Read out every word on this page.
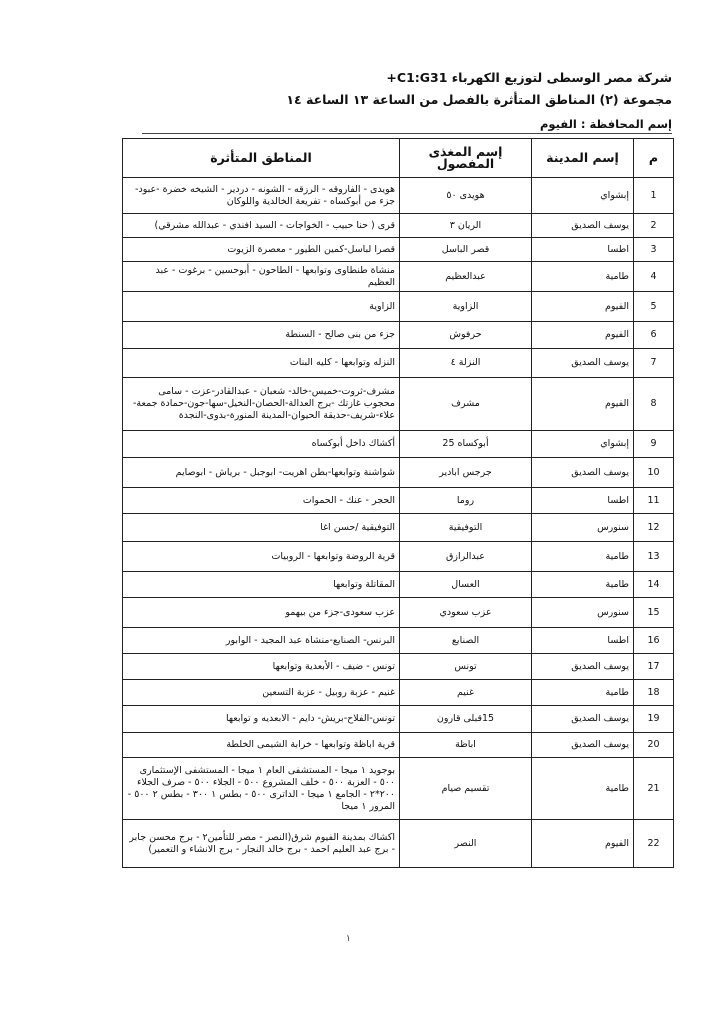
شركة مصر الوسطى لتوزيع الكهرباء C1:G31+
مجموعة (٢) المناطق المتأثرة بالفصل من الساعة ١٣ الساعة ١٤
إسم المحافظة : الفيوم
م	إسم المدينة	إسم المغذى المفصول	المناطق المتأثرة
1	إبشواي	هويدى ٥٠	هويدى - الفاروقه - الرزقه - الشونه - دردير - الشيخه خضرة -عبود-جزء من أبوكساه - تفريعة الخالدية واللوكان
2	يوسف الصديق	الريان ٣	قرى ( حنا حبيب - الخواجات - السيد افندي - عبدالله مشرقي)
3	اطسا	قصر الباسل	قصرا لباسل-كمين الطيور - معصرة الزيوت
4	طامية	عبدالعظيم	منشاة طنطاوى وتوابعها - الطاحون - أبوحسين - برغوت - عبد العظيم
5	الفيوم	الزاوية	الزاوية
6	الفيوم	حرفوش	جزء من بنى صالح - السنطة
7	يوسف الصديق	النزلة ٤	النزله وتوابعها - كليه البنات
8	الفيوم	مشرف	مشرف-ثروت-خميس-خالد- شعبان - عبدالقادر-عزت - سامى محجوب غازتك -برج العدالة-الحصان-النخيل-سها-جون-حمادة جمعة-علاء-شريف-حديقة الحيوان-المدينة المنورة-بدوى-النجدة
9	إبشواي	أبوكساه 25	أكشاك داخل أبوكساه
10	يوسف الصديق	جرجس ابادير	شواشنة وتوابعها-بطن اهريت- ابوجبل - برياش - ابوصايم
11	اطسا	روما	الحجر - عنك - الحموات
12	سنورس	التوفيقية	التوفيقية /حسن اغا
13	طامية	عبدالرازق	قرية الروضة وتوابعها - الروبيات
14	طامية	العسال	المقاتلة وتوابعها
15	سنورس	عزب سعودي	عزب سعودى-جزء من بيهمو
16	اطسا	الصنايع	البرنس- الصنايع-منشاة عبد المجيد - الوابور
17	يوسف الصديق	تونس	تونس - ضيف - الأبعدية وتوابعها
18	طامية	غنيم	غنيم - عزبة روبيل - عزبة التسعين
19	يوسف الصديق	15قبلى قارون	تونس-الفلاح-بريش- دايم - الابعديه و توابعها
20	يوسف الصديق	اباظة	قرية اباظة وتوابعها - خرابة الشيمى الخلطة
21	طامية	تقسيم صيام	بوجويد ١ ميجا - المستشفى العام ١ ميجا - المستشفى الإستثمارى ٥٠٠ - العزبة ٥٠٠ - خلف المشروع ٥٠٠ - الجلاء ٥٠٠ - صرف الجلاء ٢٠٠*٢ - الجامع ١ ميجا - الداترى ٥٠٠ - بطس ١ ٣٠٠ - بطس ٢ ٥٠٠ - المرور ١ ميجا
22	الفيوم	النصر	اكشاك بمدينة الفيوم شرق(النصر - مصر للتأمين٢ - برج محسن جابر - برج عبد العليم احمد - برج خالد النجار - برج الانشاء و التعمير)
١
